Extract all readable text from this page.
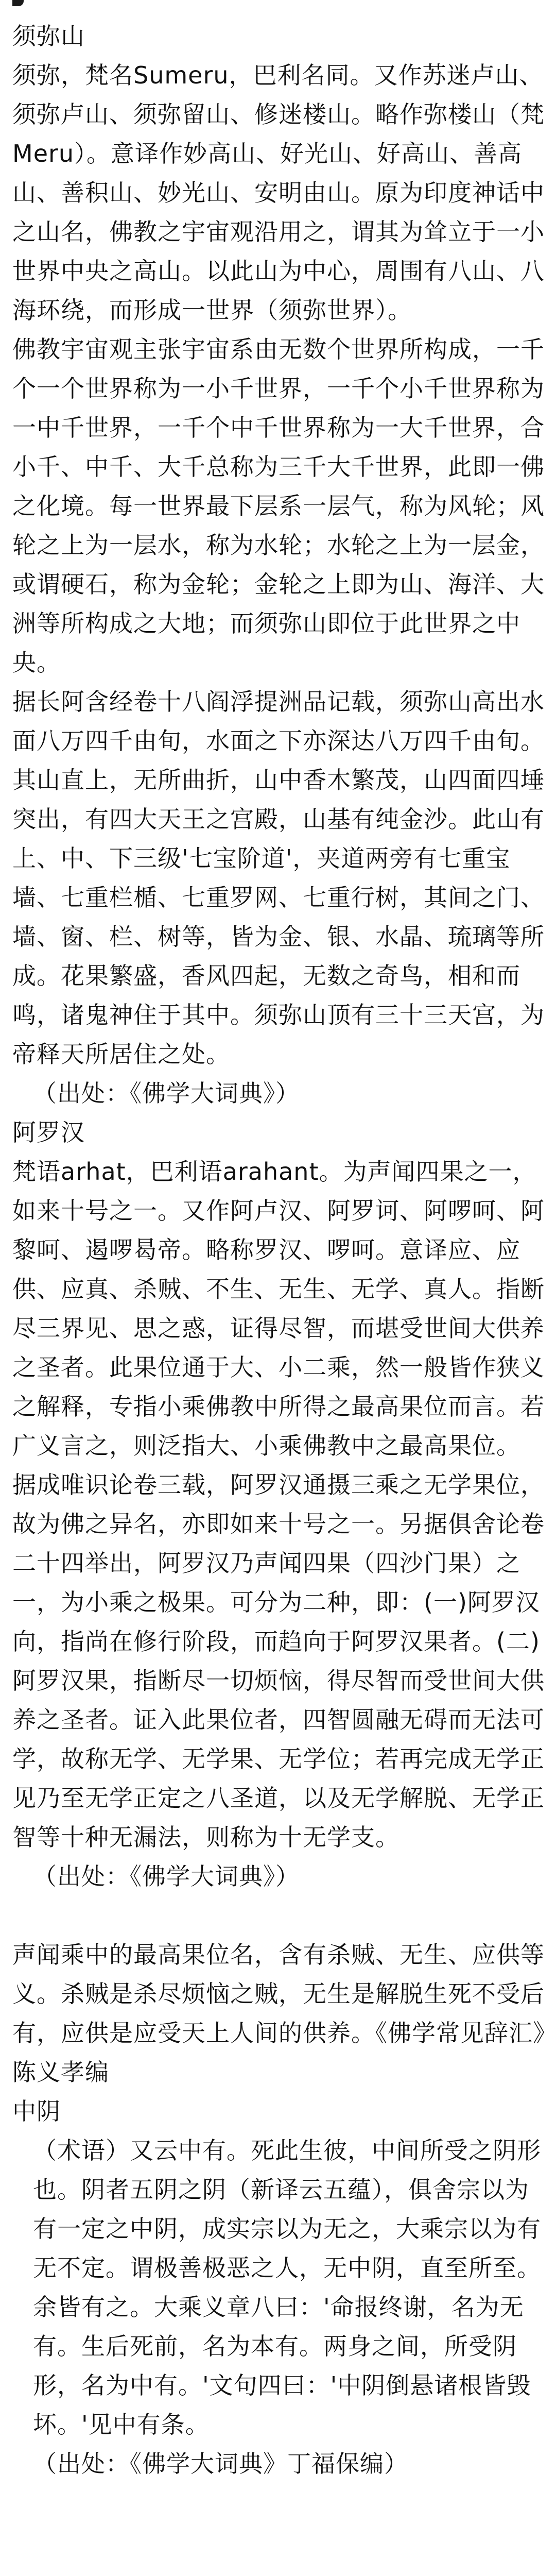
须弥山

须弥，梵名Sumeru，巴利名同。又作苏迷卢山、须弥卢山、须弥留山、修迷楼山。略作弥楼山（梵Meru）。意译作妙高山、好光山、好高山、善高山、善积山、妙光山、安明由山。原为印度神话中之山名，佛教之宇宙观沿用之，谓其为耸立于一小世界中央之高山。以此山为中心，周围有八山、八海环绕，而形成一世界（须弥世界）。

佛教宇宙观主张宇宙系由无数个世界所构成，一千个一个世界称为一小千世界，一千个小千世界称为一中千世界，一千个中千世界称为一大千世界，合小千、中千、大千总称为三千大千世界，此即一佛之化境。每一世界最下层系一层气，称为风轮；风轮之上为一层水，称为水轮；水轮之上为一层金，或谓硬石，称为金轮；金轮之上即为山、海洋、大洲等所构成之大地；而须弥山即位于此世界之中央。

据长阿含经卷十八阎浮提洲品记载，须弥山高出水面八万四千由旬，水面之下亦深达八万四千由旬。其山直上，无所曲折，山中香木繁茂，山四面四埵突出，有四大天王之宫殿，山基有纯金沙。此山有上、中、下三级'七宝阶道'，夹道两旁有七重宝墙、七重栏楯、七重罗网、七重行树，其间之门、墙、窗、栏、树等，皆为金、银、水晶、琉璃等所成。花果繁盛，香风四起，无数之奇鸟，相和而鸣，诸鬼神住于其中。须弥山顶有三十三天宫，为帝释天所居住之处。

（出处：《佛学大词典》）

阿罗汉

梵语arhat，巴利语arahant。为声闻四果之一，如来十号之一。又作阿卢汉、阿罗诃、阿啰呵、阿黎呵、遏啰曷帝。略称罗汉、啰呵。意译应、应供、应真、杀贼、不生、无生、无学、真人。指断尽三界见、思之惑，证得尽智，而堪受世间大供养之圣者。此果位通于大、小二乘，然一般皆作狭义之解释，专指小乘佛教中所得之最高果位而言。若广义言之，则泛指大、小乘佛教中之最高果位。

据成唯识论卷三载，阿罗汉通摄三乘之无学果位，故为佛之异名，亦即如来十号之一。另据俱舍论卷二十四举出，阿罗汉乃声闻四果（四沙门果）之一，为小乘之极果。可分为二种，即：(一)阿罗汉向，指尚在修行阶段，而趋向于阿罗汉果者。(二)阿罗汉果，指断尽一切烦恼，得尽智而受世间大供养之圣者。证入此果位者，四智圆融无碍而无法可学，故称无学、无学果、无学位；若再完成无学正见乃至无学正定之八圣道，以及无学解脱、无学正智等十种无漏法，则称为十无学支。

（出处：《佛学大词典》）

声闻乘中的最高果位名，含有杀贼、无生、应供等义。杀贼是杀尽烦恼之贼，无生是解脱生死不受后有，应供是应受天上人间的供养。《佛学常见辞汇》陈义孝编

中阴

（术语）又云中有。死此生彼，中间所受之阴形也。阴者五阴之阴（新译云五蕴），俱舍宗以为有一定之中阴，成实宗以为无之，大乘宗以为有无不定。谓极善极恶之人，无中阴，直至所至。余皆有之。大乘义章八曰：'命报终谢，名为无有。生后死前，名为本有。两身之间，所受阴形，名为中有。'文句四曰：'中阴倒悬诸根皆毁坏。'见中有条。

（出处：《佛学大词典》丁福保编）
